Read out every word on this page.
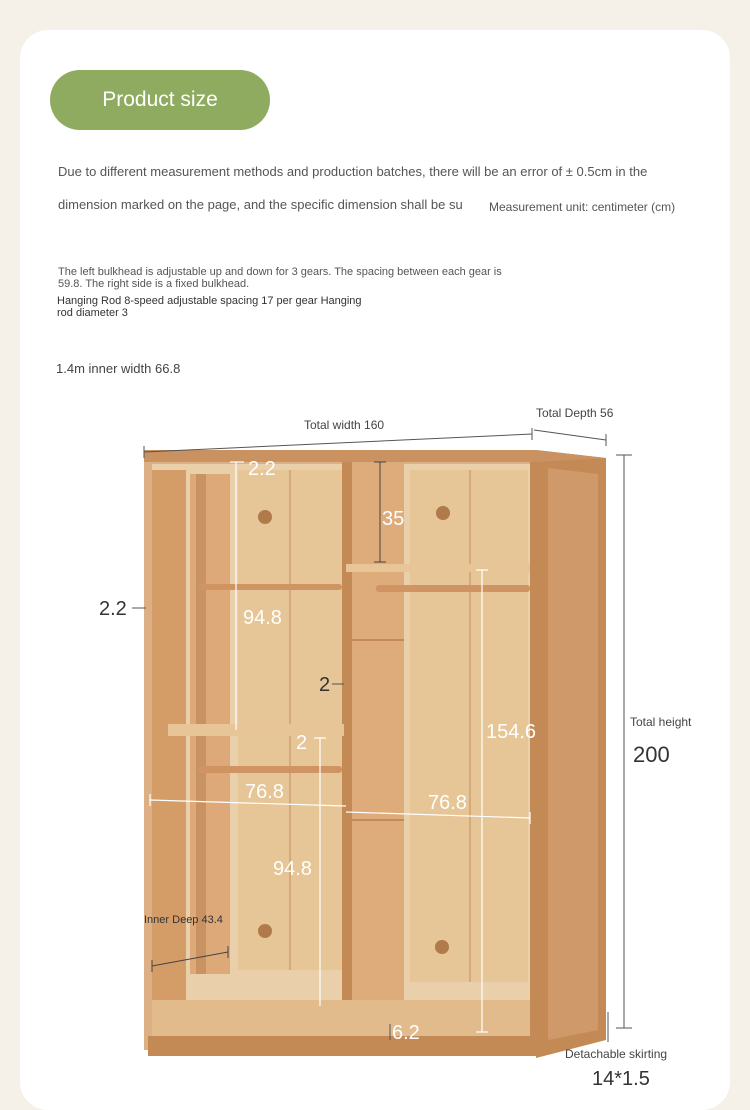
Product size
Due to different measurement methods and production batches, there will be an error of ± 0.5cm in the
dimension marked on the page, and the specific dimension shall be su Measurement unit: centimeter (cm)
The left bulkhead is adjustable up and down for 3 gears. The spacing between each gear is
59.8. The right side is a fixed bulkhead.
Hanging Rod 8-speed adjustable spacing 17 per gear Hanging
rod diameter 3
1.4m inner width 66.8
Total width 160
Total Depth 56
2.2
2.2
35
94.8
2
2	154.6
76.8	76.8
94.8
Inner Deep 43.4
6.2
Total height
200
Detachable skirting
14*1.5
